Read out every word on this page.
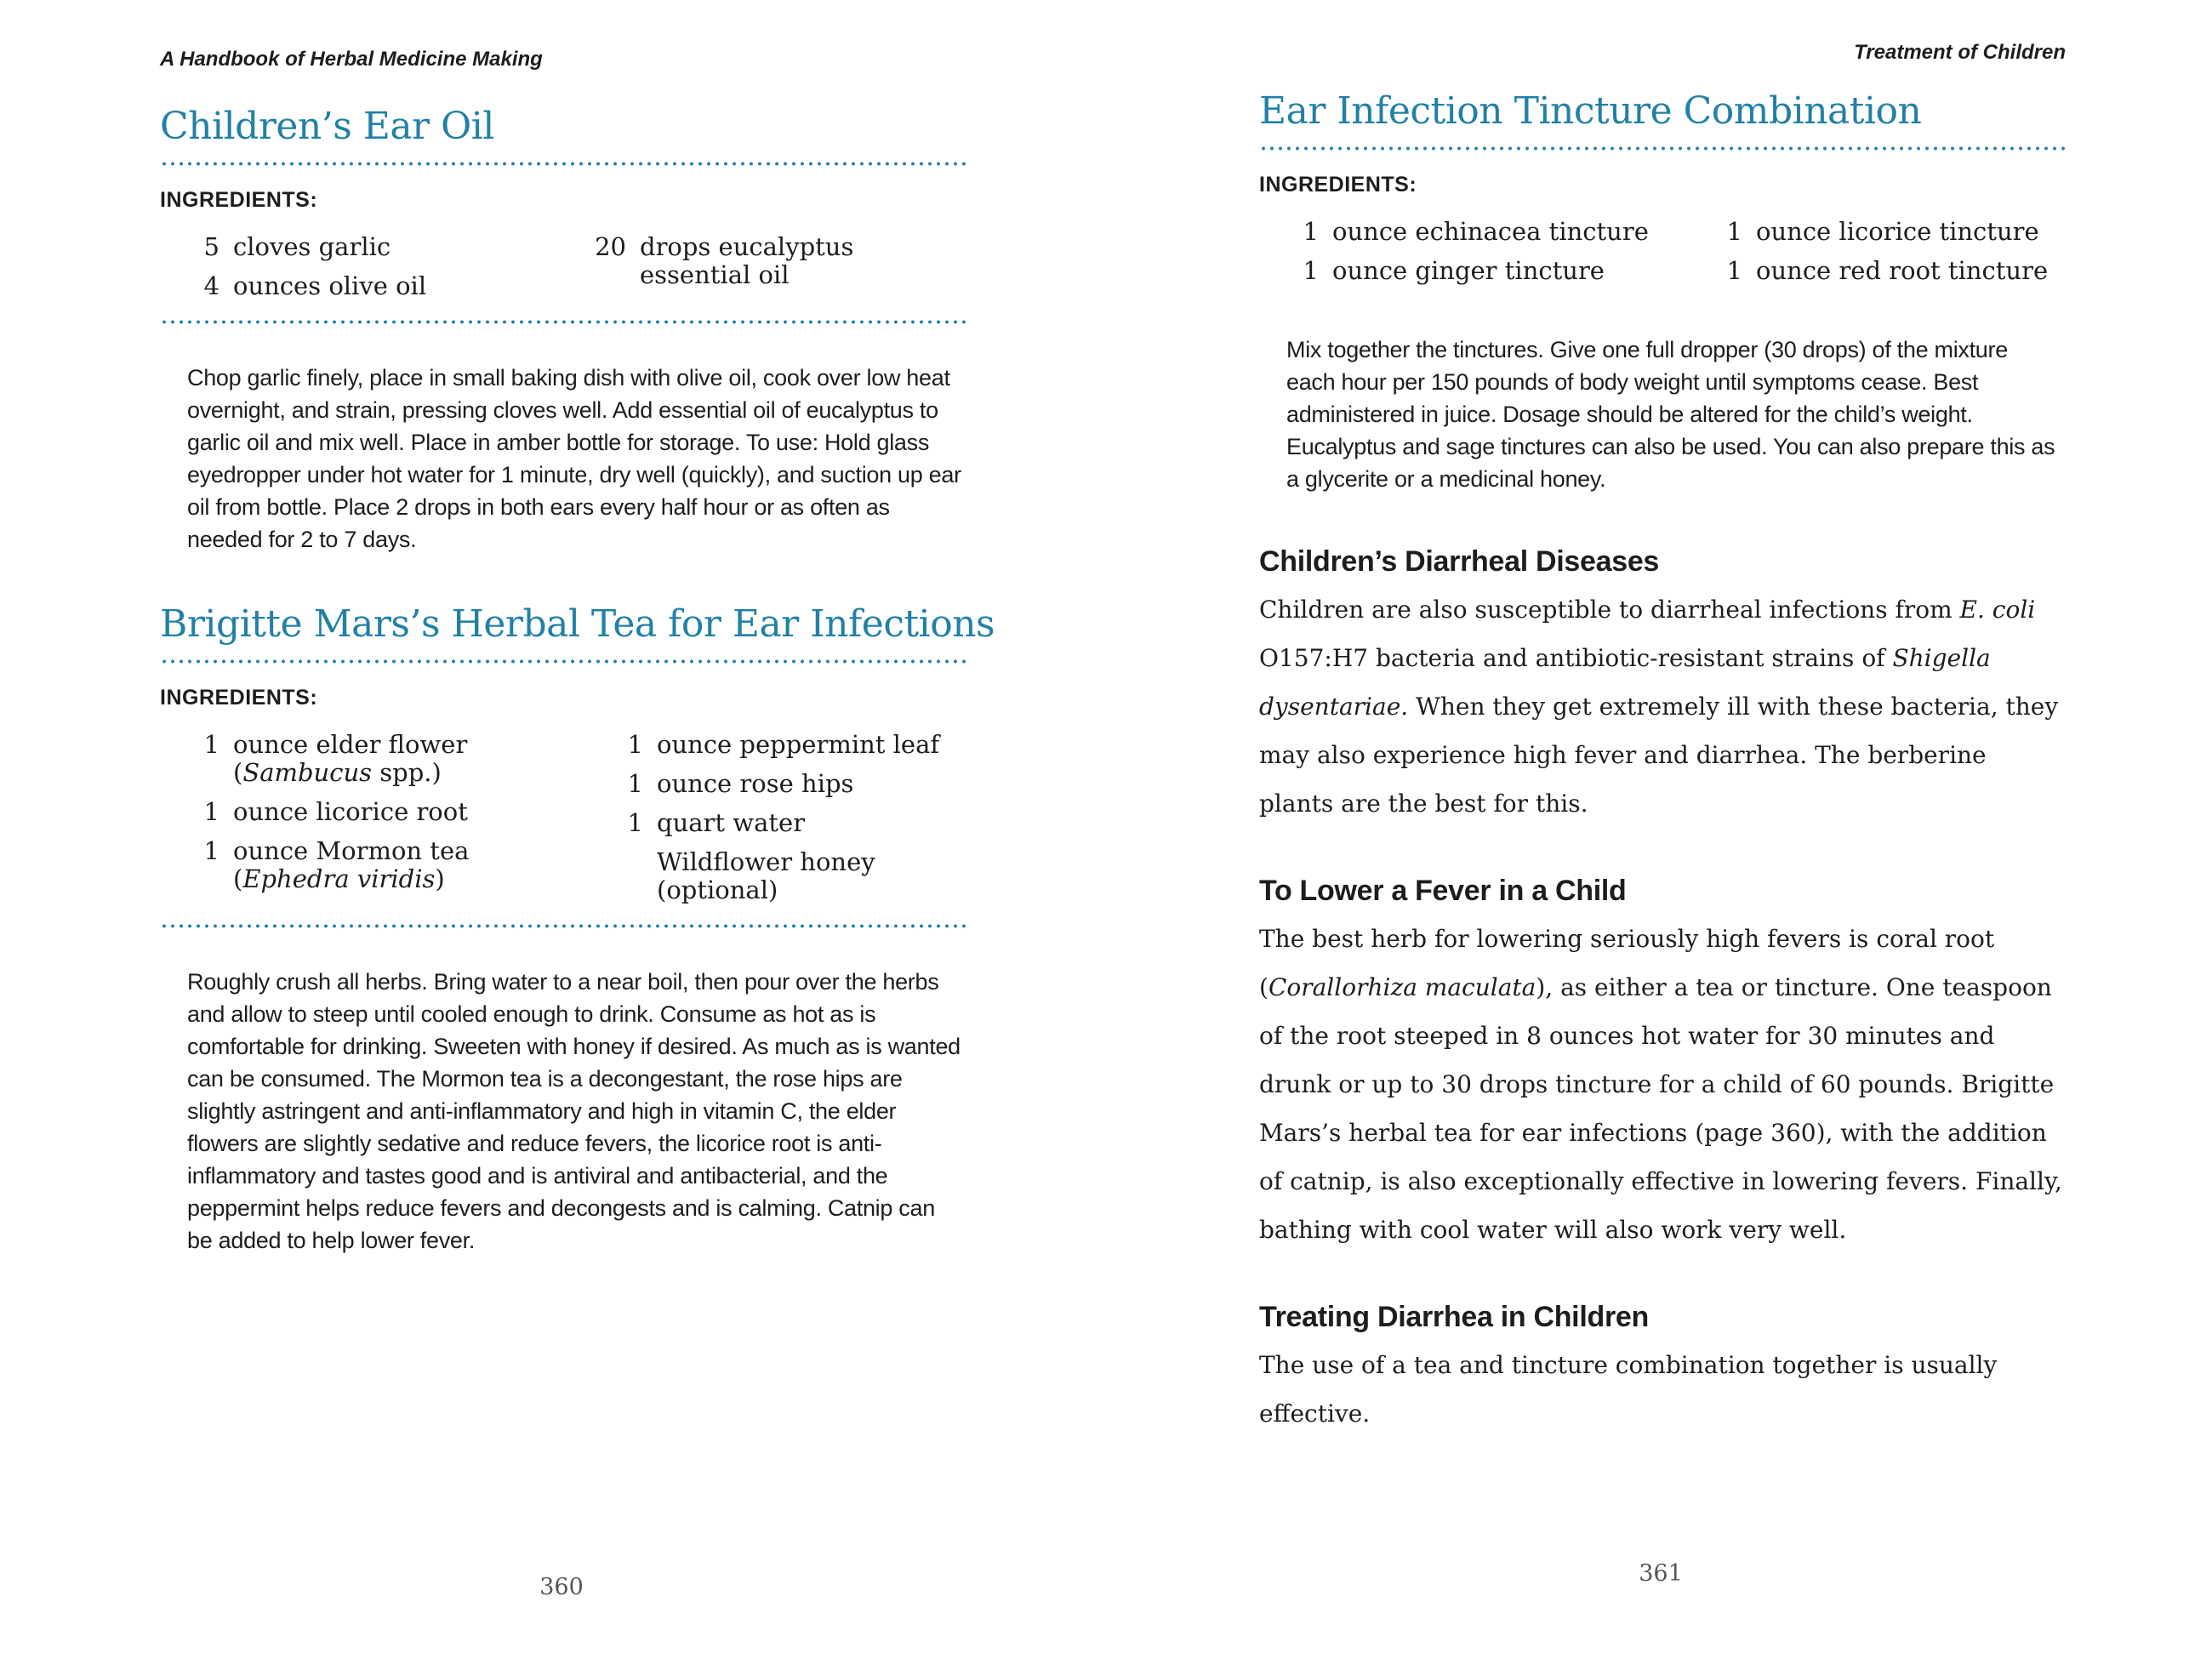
A Handbook of Herbal Medicine Making
Children’s Ear Oil
INGREDIENTS:
5 cloves garlic
4 ounces olive oil
20 drops eucalyptus
essential oil

Chop garlic finely, place in small baking dish with olive oil, cook over low heat overnight, and strain, pressing cloves well. Add essential oil of eucalyptus to garlic oil and mix well. Place in amber bottle for storage. To use: Hold glass eyedropper under hot water for 1 minute, dry well (quickly), and suction up ear oil from bottle. Place 2 drops in both ears every half hour or as often as needed for 2 to 7 days.

Brigitte Mars’s Herbal Tea for Ear Infections
INGREDIENTS:
1 ounce elder flower
(Sambucus spp.)
1 ounce licorice root
1 ounce Mormon tea
(Ephedra viridis)
1 ounce peppermint leaf
1 ounce rose hips
1 quart water
Wildflower honey
(optional)

Roughly crush all herbs. Bring water to a near boil, then pour over the herbs and allow to steep until cooled enough to drink. Consume as hot as is comfortable for drinking. Sweeten with honey if desired. As much as is wanted can be consumed. The Mormon tea is a decongestant, the rose hips are slightly astringent and anti-inflammatory and high in vitamin C, the elder flowers are slightly sedative and reduce fevers, the licorice root is anti-inflammatory and tastes good and is antiviral and antibacterial, and the peppermint helps reduce fevers and decongests and is calming. Catnip can be added to help lower fever.

Treatment of Children
Ear Infection Tincture Combination
INGREDIENTS:
1 ounce echinacea tincture
1 ounce ginger tincture
1 ounce licorice tincture
1 ounce red root tincture

Mix together the tinctures. Give one full dropper (30 drops) of the mixture each hour per 150 pounds of body weight until symptoms cease. Best administered in juice. Dosage should be altered for the child’s weight. Eucalyptus and sage tinctures can also be used. You can also prepare this as a glycerite or a medicinal honey.

Children’s Diarrheal Diseases

Children are also susceptible to diarrheal infections from E. coli O157:H7 bacteria and antibiotic-resistant strains of Shigella dysentariae. When they get extremely ill with these bacteria, they may also experience high fever and diarrhea. The berberine plants are the best for this.

To Lower a Fever in a Child

The best herb for lowering seriously high fevers is coral root (Corallorhiza maculata), as either a tea or tincture. One teaspoon of the root steeped in 8 ounces hot water for 30 minutes and drunk or up to 30 drops tincture for a child of 60 pounds. Brigitte Mars’s herbal tea for ear infections (page 360), with the addition of catnip, is also exceptionally effective in lowering fevers. Finally, bathing with cool water will also work very well.

Treating Diarrhea in Children

The use of a tea and tincture combination together is usually effective.

360
361
